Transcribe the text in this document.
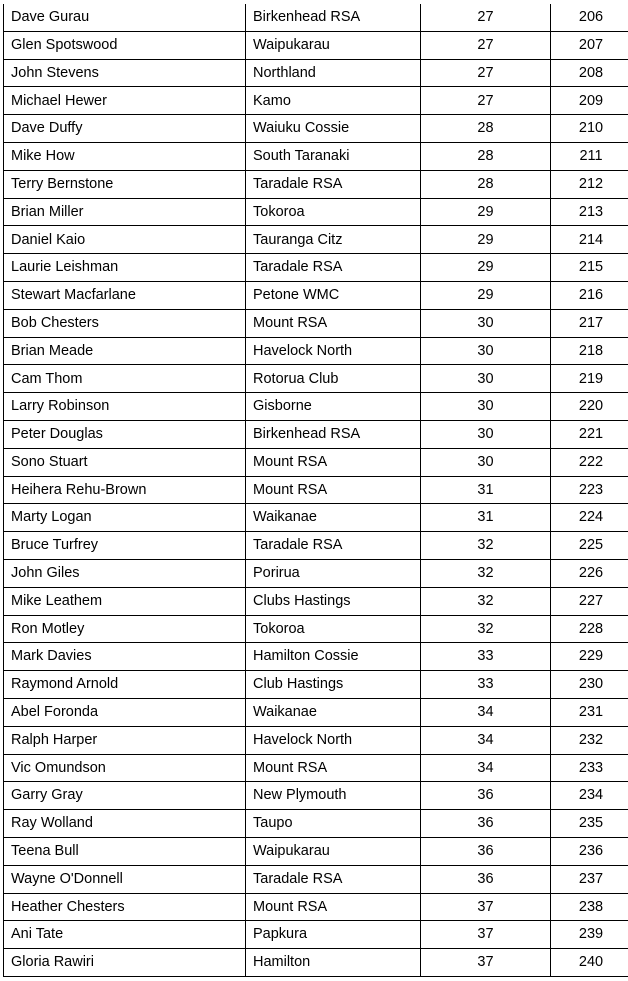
Dave Gurau	Birkenhead RSA	27	206
Glen Spotswood	Waipukarau	27	207
John Stevens	Northland	27	208
Michael Hewer	Kamo	27	209
Dave Duffy	Waiuku Cossie	28	210
Mike How	South Taranaki	28	211
Terry Bernstone	Taradale RSA	28	212
Brian Miller	Tokoroa	29	213
Daniel Kaio	Tauranga Citz	29	214
Laurie Leishman	Taradale RSA	29	215
Stewart Macfarlane	Petone WMC	29	216
Bob Chesters	Mount RSA	30	217
Brian Meade	Havelock North	30	218
Cam Thom	Rotorua Club	30	219
Larry Robinson	Gisborne	30	220
Peter Douglas	Birkenhead RSA	30	221
Sono Stuart	Mount RSA	30	222
Heihera Rehu-Brown	Mount RSA	31	223
Marty Logan	Waikanae	31	224
Bruce Turfrey	Taradale RSA	32	225
John Giles	Porirua	32	226
Mike Leathem	Clubs Hastings	32	227
Ron Motley	Tokoroa	32	228
Mark Davies	Hamilton Cossie	33	229
Raymond Arnold	Club Hastings	33	230
Abel Foronda	Waikanae	34	231
Ralph Harper	Havelock North	34	232
Vic Omundson	Mount RSA	34	233
Garry Gray	New Plymouth	36	234
Ray Wolland	Taupo	36	235
Teena Bull	Waipukarau	36	236
Wayne O'Donnell	Taradale RSA	36	237
Heather Chesters	Mount RSA	37	238
Ani Tate	Papkura	37	239
Gloria Rawiri	Hamilton	37	240
